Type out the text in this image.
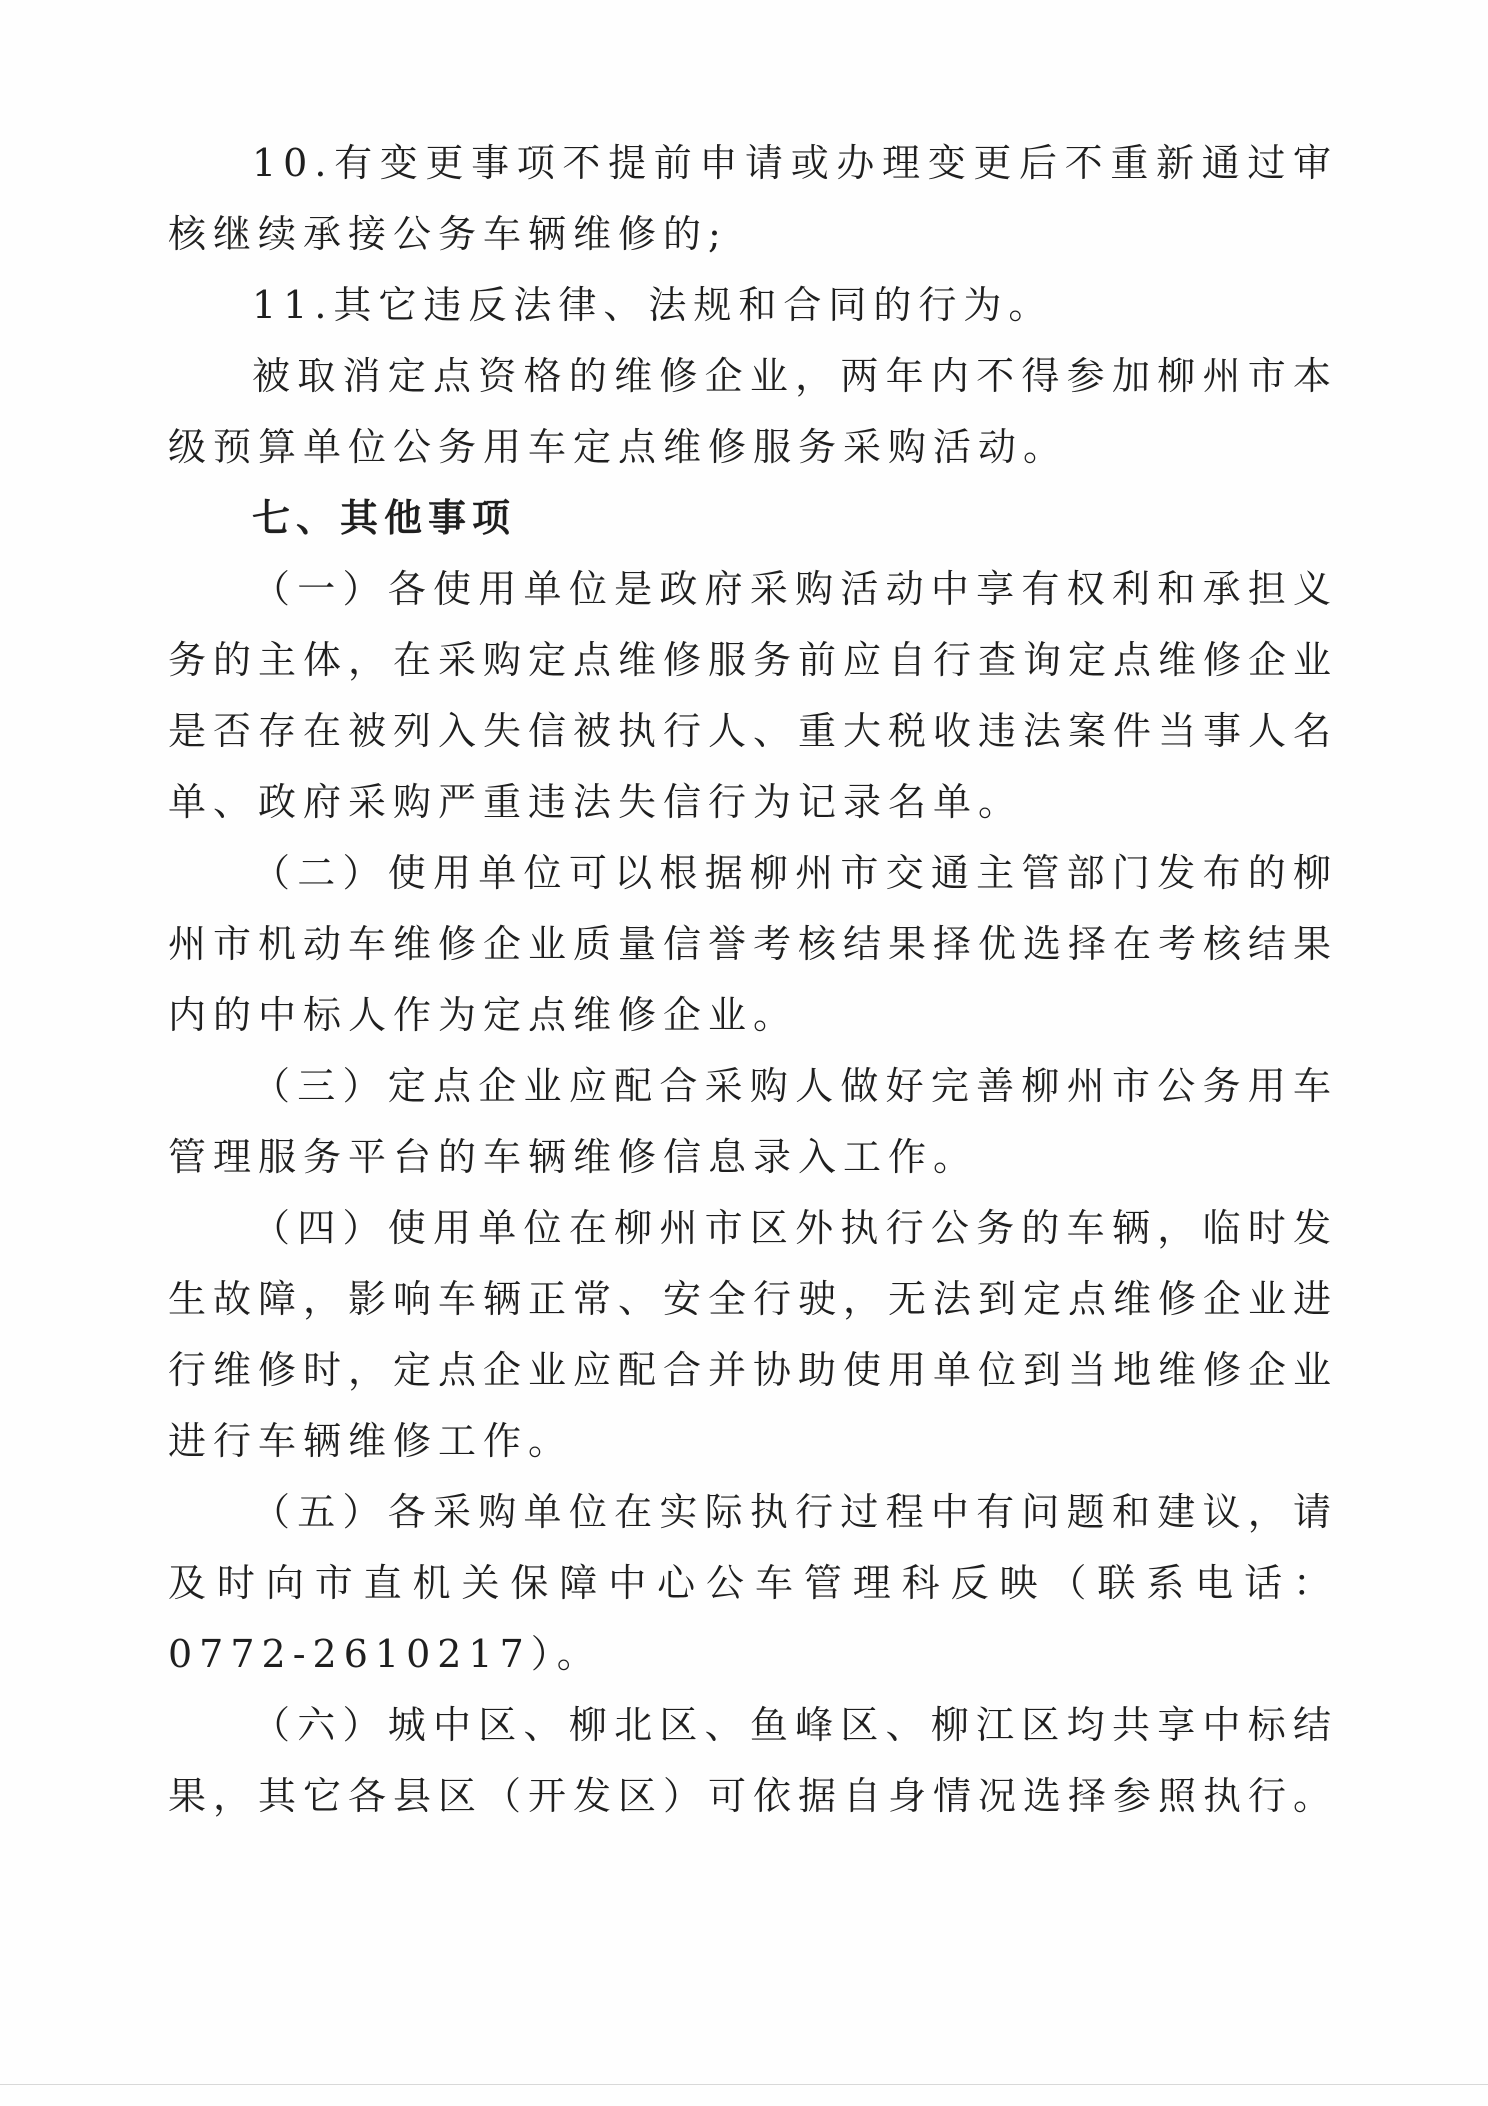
10.有变更事项不提前申请或办理变更后不重新通过审核继续承接公务车辆维修的;

11.其它违反法律、法规和合同的行为。

被取消定点资格的维修企业，两年内不得参加柳州市本级预算单位公务用车定点维修服务采购活动。

七、其他事项

（一）各使用单位是政府采购活动中享有权利和承担义务的主体，在采购定点维修服务前应自行查询定点维修企业是否存在被列入失信被执行人、重大税收违法案件当事人名单、政府采购严重违法失信行为记录名单。

（二）使用单位可以根据柳州市交通主管部门发布的柳州市机动车维修企业质量信誉考核结果择优选择在考核结果内的中标人作为定点维修企业。

（三）定点企业应配合采购人做好完善柳州市公务用车管理服务平台的车辆维修信息录入工作。

（四）使用单位在柳州市区外执行公务的车辆，临时发生故障，影响车辆正常、安全行驶，无法到定点维修企业进行维修时，定点企业应配合并协助使用单位到当地维修企业进行车辆维修工作。

（五）各采购单位在实际执行过程中有问题和建议，请及时向市直机关保障中心公车管理科反映（联系电话：0772-2610217）。

（六）城中区、柳北区、鱼峰区、柳江区均共享中标结果，其它各县区（开发区）可依据自身情况选择参照执行。
